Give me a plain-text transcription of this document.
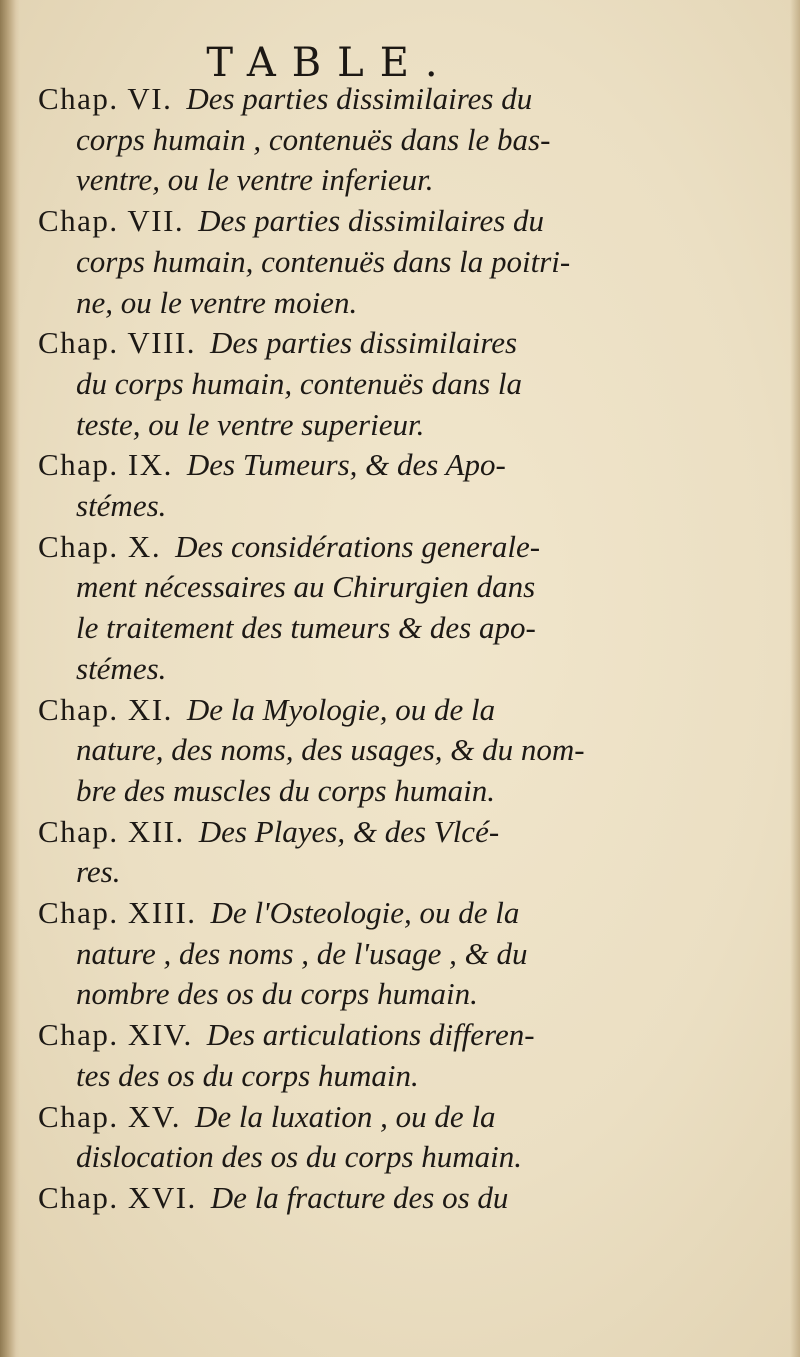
TABLE.
Chap. VI. Des parties dissimilaires du
corps humain , contenuës dans le bas-
ventre, ou le ventre inferieur.
Chap. VII. Des parties dissimilaires du
corps humain, contenuës dans la poitri-
ne, ou le ventre moien.
Chap. VIII. Des parties dissimilaires
du corps humain, contenuës dans la
teste, ou le ventre superieur.
Chap. IX. Des Tumeurs, & des Apo-
stémes.
Chap. X. Des considérations generale-
ment nécessaires au Chirurgien dans
le traitement des tumeurs & des apo-
stémes.
Chap. XI. De la Myologie, ou de la
nature, des noms, des usages, & du nom-
bre des muscles du corps humain.
Chap. XII. Des Playes, & des Vlcé-
res.
Chap. XIII. De l'Osteologie, ou de la
nature , des noms , de l'usage , & du
nombre des os du corps humain.
Chap. XIV. Des articulations differen-
tes des os du corps humain.
Chap. XV. De la luxation , ou de la
dislocation des os du corps humain.
Chap. XVI. De la fracture des os du
